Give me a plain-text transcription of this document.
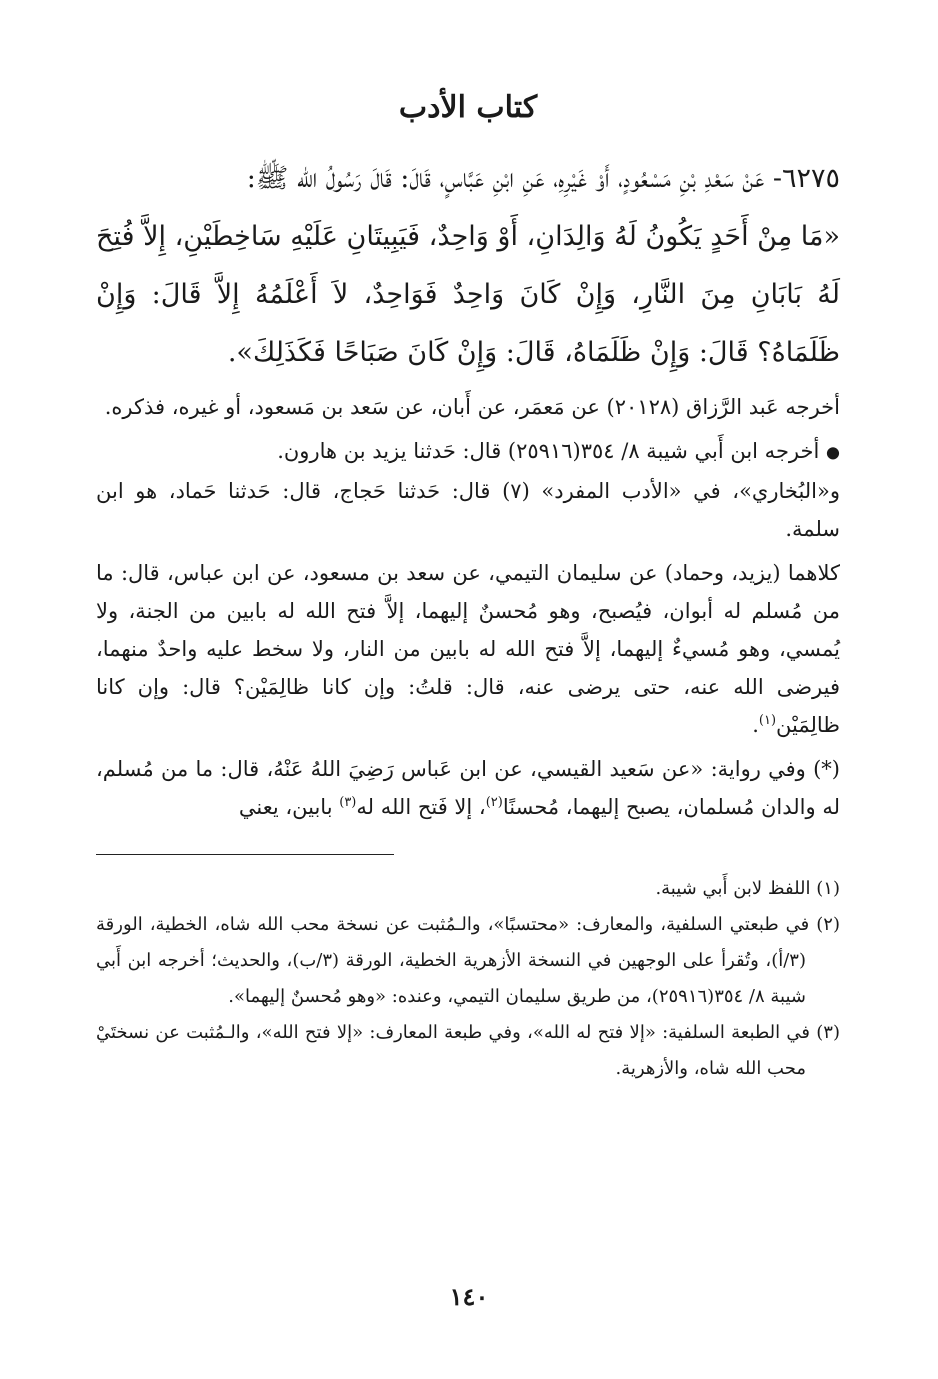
كتاب الأدب

٦٢٧٥- عَنْ سَعْدِ بْنِ مَسْعُودٍ، أَوْ غَيْرِهِ، عَنِ ابْنِ عَبَّاسٍ، قَالَ: قَالَ رَسُولُ الله ﷺ:

«مَا مِنْ أَحَدٍ يَكُونُ لَهُ وَالِدَانِ، أَوْ وَاحِدٌ، فَيَبِيتَانِ عَلَيْهِ سَاخِطَيْنِ، إِلاَّ فُتِحَ لَهُ بَابَانِ مِنَ النَّارِ، وَإِنْ كَانَ وَاحِدٌ فَوَاحِدٌ، لاَ أَعْلَمُهُ إِلاَّ قَالَ: وَإِنْ ظَلَمَاهُ؟ قَالَ: وَإِنْ ظَلَمَاهُ، قَالَ: وَإِنْ كَانَ صَبَاحًا فَكَذَلِكَ».

أخرجه عَبد الرَّزاق (٢٠١٢٨) عن مَعمَر، عن أَبان، عن سَعد بن مَسعود، أو غيره، فذكره.

● أخرجه ابن أَبي شيبة ٨/ ٣٥٤(٢٥٩١٦) قال: حَدثنا يزيد بن هارون.

و«البُخاري»، في «الأدب المفرد» (٧) قال: حَدثنا حَجاج، قال: حَدثنا حَماد، هو ابن سلمة.

كلاهما (يزيد، وحماد) عن سليمان التيمي، عن سعد بن مسعود، عن ابن عباس، قال: ما من مُسلم له أبوان، فيُصبح، وهو مُحسنٌ إليهما، إلاَّ فتح الله له بابين من الجنة، ولا يُمسي، وهو مُسيءٌ إليهما، إلاَّ فتح الله له بابين من النار، ولا سخط عليه واحدٌ منهما، فيرضى الله عنه، حتى يرضى عنه، قال: قلتُ: وإن كانا ظالِمَيْن؟ قال: وإن كانا ظالِمَيْن$^{(١)}$.

(*) وفي رواية: «عن سَعيد القيسي، عن ابن عَباس رَضِيَ اللهُ عَنْهُ، قال: ما من مُسلم، له والدان مُسلمان، يصبح إليهما، مُحسنًا$^{(٢)}$، إلا فَتح الله له$^{(٣)}$ بابين، يعني

(١) اللفظ لابن أَبي شيبة.

(٢) في طبعتي السلفية، والمعارف: «محتسبًا»، والـمُثبت عن نسخة محب الله شاه، الخطية، الورقة (٣/أ)، وتُقرأ على الوجهين في النسخة الأزهرية الخطية، الورقة (٣/ب)، والحديث؛ أخرجه ابن أَبي شيبة ٨/ ٣٥٤(٢٥٩١٦)، من طريق سليمان التيمي، وعنده: «وهو مُحسنٌ إليهما».

(٣) في الطبعة السلفية: «إلا فتح له الله»، وفي طبعة المعارف: «إلا فتح الله»، والـمُثبت عن نسختَيْ محب الله شاه، والأزهرية.

١٤٠
